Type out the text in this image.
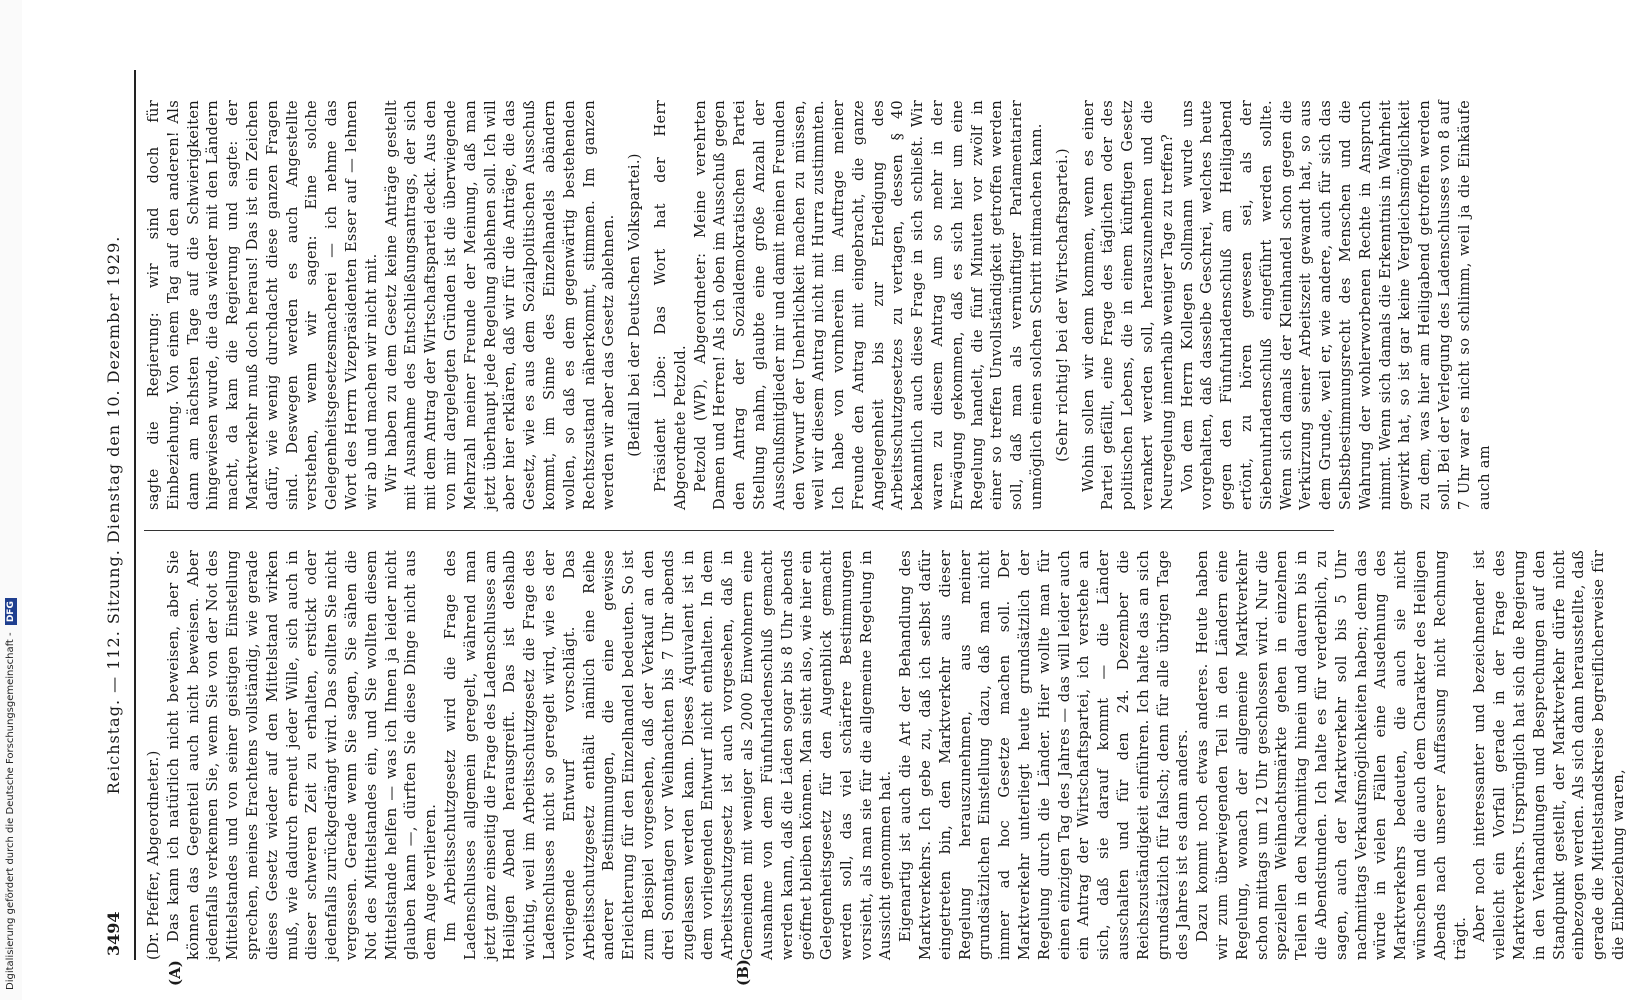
Digitalisierung gefördert durch die Deutsche Forschungsgemeinschaft - DFG
3494
Reichstag. — 112. Sitzung. Dienstag den 10. Dezember 1929.
(A)	(B)

(Dr. Pfeffer, Abgeordneter.) Das kann ich natürlich nicht beweisen, aber Sie können das Gegenteil auch nicht beweisen. Aber jedenfalls verkennen Sie, wenn Sie von der Not des Mittelstandes und von seiner geistigen Einstellung sprechen, meines Erachtens vollständig, wie gerade dieses Gesetz wieder auf den Mittelstand wirken muß, wie dadurch erneut jeder Wille, sich auch in dieser schweren Zeit zu erhalten, erstickt oder jedenfalls zurückgedrängt wird. Das sollten Sie nicht vergessen. Gerade wenn Sie sagen, Sie sähen die Not des Mittelstandes ein, und Sie wollten diesem Mittelstande helfen — was ich Ihnen ja leider nicht glauben kann —, dürften Sie diese Dinge nicht aus dem Auge verlieren. Im Arbeitsschutzgesetz wird die Frage des Ladenschlusses allgemein geregelt, während man jetzt ganz einseitig die Frage des Ladenschlusses am Heiligen Abend herausgreift. Das ist deshalb wichtig, weil im Arbeitsschutzgesetz die Frage des Ladenschlusses nicht so geregelt wird, wie es der vorliegende Entwurf vorschlägt. Das Arbeitsschutzgesetz enthält nämlich eine Reihe anderer Bestimmungen, die eine gewisse Erleichterung für den Einzelhandel bedeuten. So ist zum Beispiel vorgesehen, daß der Verkauf an den drei Sonntagen vor Weihnachten bis 7 Uhr abends zugelassen werden kann. Dieses Äquivalent ist in dem vorliegenden Entwurf nicht enthalten. In dem Arbeitsschutzgesetz ist auch vorgesehen, daß in Gemeinden mit weniger als 2000 Einwohnern eine Ausnahme von dem Fünfuhrladenschluß gemacht werden kann, daß die Läden sogar bis 8 Uhr abends geöffnet bleiben können. Man sieht also, wie hier ein Gelegenheitsgesetz für den Augenblick gemacht werden soll, das viel schärfere Bestimmungen vorsieht, als man sie für die allgemeine Regelung in Aussicht genommen hat. Eigenartig ist auch die Art der Behandlung des Marktverkehrs. Ich gebe zu, daß ich selbst dafür eingetreten bin, den Marktverkehr aus dieser Regelung herauszunehmen, aus meiner grundsätzlichen Einstellung dazu, daß man nicht immer ad hoc Gesetze machen soll. Der Marktverkehr unterliegt heute grundsätzlich der Regelung durch die Länder. Hier wollte man für einen einzigen Tag des Jahres — das will leider auch ein Antrag der Wirtschaftspartei, ich verstehe an sich, daß sie darauf kommt — die Länder ausschalten und für den 24. Dezember die Reichszuständigkeit einführen. Ich halte das an sich grundsätzlich für falsch; denn für alle übrigen Tage des Jahres ist es dann anders. Dazu kommt noch etwas anderes. Heute haben wir zum überwiegenden Teil in den Ländern eine Regelung, wonach der allgemeine Marktverkehr schon mittags um 12 Uhr geschlossen wird. Nur die speziellen Weihnachtsmärkte gehen in einzelnen Teilen in den Nachmittag hinein und dauern bis in die Abendstunden. Ich halte es für verderblich, zu sagen, auch der Marktverkehr soll bis 5 Uhr nachmittags Verkaufsmöglichkeiten haben; denn das würde in vielen Fällen eine Ausdehnung des Marktverkehrs bedeuten, die auch sie nicht wünschen und die auch dem Charakter des Heiligen Abends nach unserer Auffassung nicht Rechnung trägt. Aber noch interessanter und bezeichnender ist vielleicht ein Vorfall gerade in der Frage des Marktverkehrs. Ursprünglich hat sich die Regierung in den Verhandlungen und Besprechungen auf den Standpunkt gestellt, der Marktverkehr dürfe nicht einbezogen werden. Als sich dann herausstellte, daß gerade die Mittelstandskreise begreiflicherweise für die Einbeziehung waren,

sagte die Regierung: wir sind doch für Einbeziehung. Von einem Tag auf den anderen! Als dann am nächsten Tage auf die Schwierigkeiten hingewiesen wurde, die das wieder mit den Ländern macht, da kam die Regierung und sagte: der Marktverkehr muß doch heraus! Das ist ein Zeichen dafür, wie wenig durchdacht diese ganzen Fragen sind. Deswegen werden es auch Angestellte verstehen, wenn wir sagen: Eine solche Gelegenheitsgesetzesmacherei — ich nehme das Wort des Herrn Vizepräsidenten Esser auf — lehnen wir ab und machen wir nicht mit. Wir haben zu dem Gesetz keine Anträge gestellt mit Ausnahme des Entschließungsantrags, der sich mit dem Antrag der Wirtschaftspartei deckt. Aus den von mir dargelegten Gründen ist die überwiegende Mehrzahl meiner Freunde der Meinung, daß man jetzt überhaupt jede Regelung ablehnen soll. Ich will aber hier erklären, daß wir für die Anträge, die das Gesetz, wie es aus dem Sozialpolitischen Ausschuß kommt, im Sinne des Einzelhandels abändern wollen, so daß es dem gegenwärtig bestehenden Rechtszustand näherkommt, stimmen. Im ganzen werden wir aber das Gesetz ablehnen. (Beifall bei der Deutschen Volkspartei.) Präsident Löbe: Das Wort hat der Herr Abgeordnete Petzold. Petzold (WP), Abgeordneter: Meine verehrten Damen und Herren! Als ich oben im Ausschuß gegen den Antrag der Sozialdemokratischen Partei Stellung nahm, glaubte eine große Anzahl der Ausschußmitglieder mir und damit meinen Freunden den Vorwurf der Unehrlichkeit machen zu müssen, weil wir diesem Antrag nicht mit Hurra zustimmten. Ich habe von vornherein im Auftrage meiner Freunde den Antrag mit eingebracht, die ganze Angelegenheit bis zur Erledigung des Arbeitsschutzgesetzes zu vertagen, dessen § 40 bekanntlich auch diese Frage in sich schließt. Wir waren zu diesem Antrag um so mehr in der Erwägung gekommen, daß es sich hier um eine Regelung handelt, die fünf Minuten vor zwölf in einer so treffen Unvollständigkeit getroffen werden soll, daß man als vernünftiger Parlamentarier unmöglich einen solchen Schritt mitmachen kann. (Sehr richtig! bei der Wirtschaftspartei.) Wohin sollen wir denn kommen, wenn es einer Partei gefällt, eine Frage des täglichen oder des politischen Lebens, die in einem künftigen Gesetz verankert werden soll, herauszunehmen und die Neuregelung innerhalb weniger Tage zu treffen? Von dem Herrn Kollegen Sollmann wurde uns vorgehalten, daß dasselbe Geschrei, welches heute gegen den Fünfuhrladenschluß am Heiligabend ertönt, zu hören gewesen sei, als der Siebenuhrladenschluß eingeführt werden sollte. Wenn sich damals der Kleinhandel schon gegen die Verkürzung seiner Arbeitszeit gewandt hat, so aus dem Grunde, weil er, wie andere, auch für sich das Selbstbestimmungsrecht des Menschen und die Wahrung der wohlerworbenen Rechte in Anspruch nimmt. Wenn sich damals die Erkenntnis in Wahrheit gewirkt hat, so ist gar keine Vergleichsmöglichkeit zu dem, was hier am Heiligabend getroffen werden soll. Bei der Verlegung des Ladenschlusses von 8 auf 7 Uhr war es nicht so schlimm, weil ja die Einkäufe auch am
